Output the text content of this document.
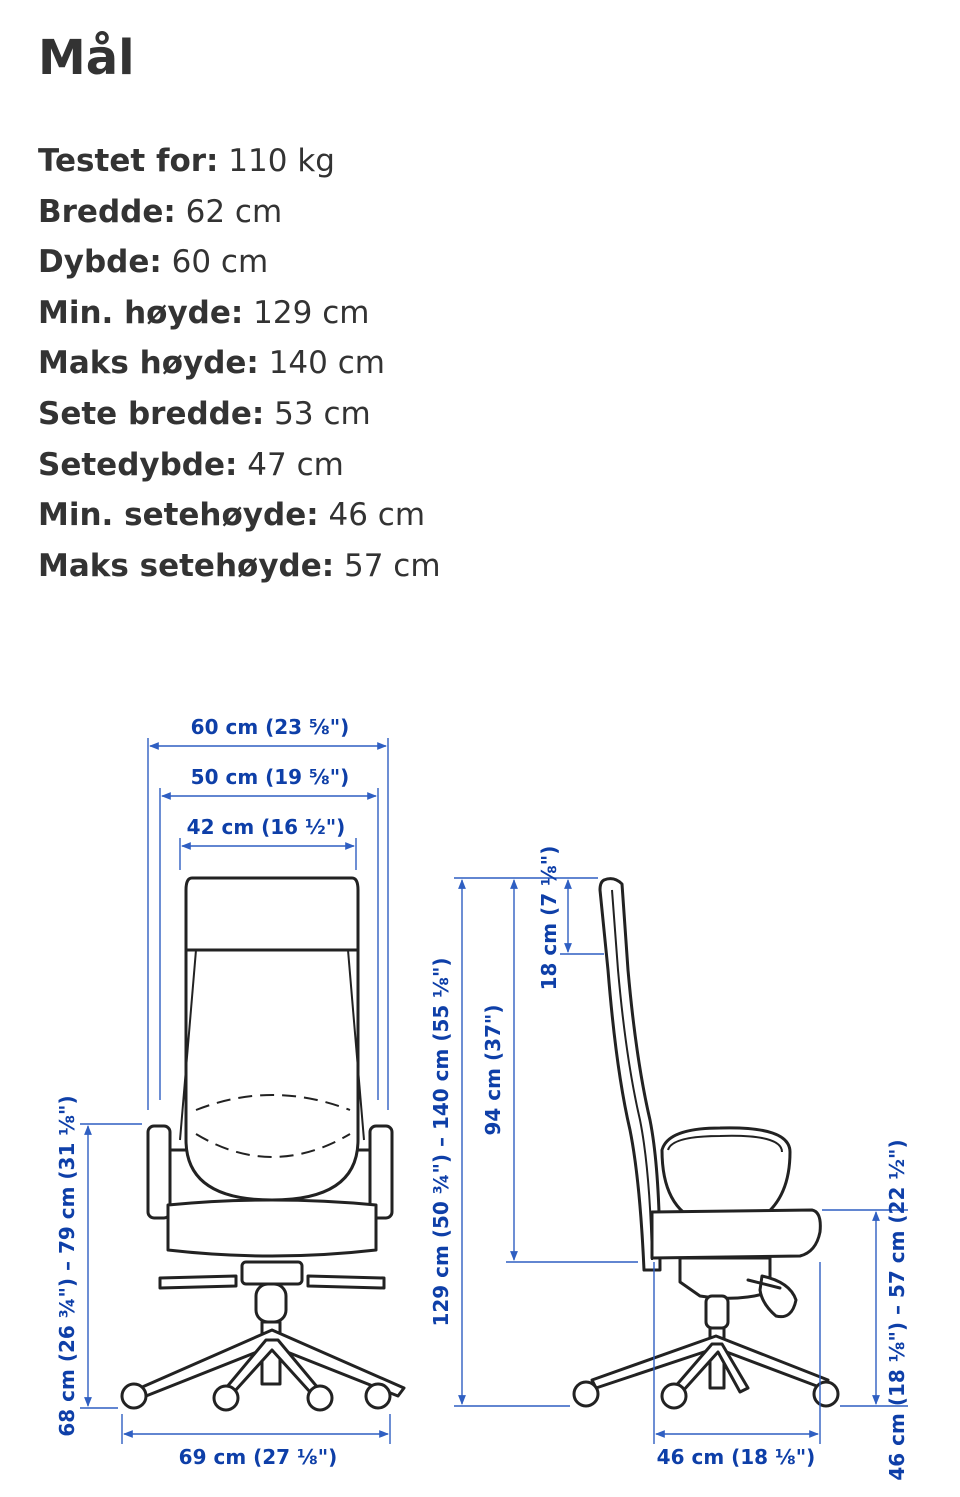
Mål
Testet for: 110 kg
Bredde: 62 cm
Dybde: 60 cm
Min. høyde: 129 cm
Maks høyde: 140 cm
Sete bredde: 53 cm
Setedybde: 47 cm
Min. setehøyde: 46 cm
Maks setehøyde: 57 cm
60 cm (23 ⅝")
50 cm (19 ⅝")
42 cm (16 ½")
68 cm (26 ¾") – 79 cm (31 ⅛")
69 cm (27 ⅛")
129 cm (50 ¾") – 140 cm (55 ⅛") 94 cm (37")
18 cm (7 ⅛")
46 cm (18 ⅛") – 57 cm (22 ½")
46 cm (18 ⅛")
